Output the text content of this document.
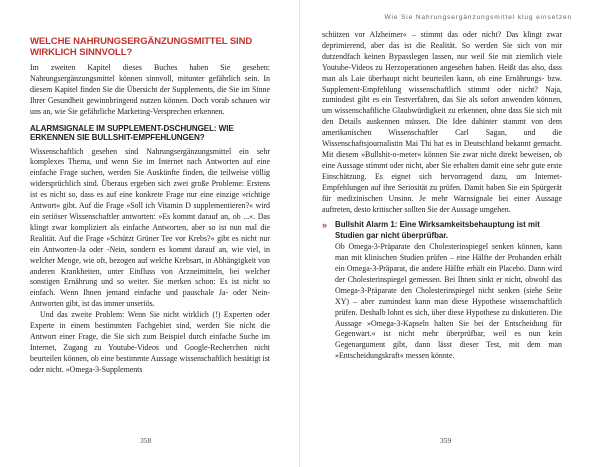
WELCHE NAHRUNGSERGÄNZUNGSMITTEL SIND WIRKLICH SINNVOLL?

Im zweiten Kapitel dieses Buches haben Sie gesehen: Nahrungsergänzungsmittel können sinnvoll, mitunter gefährlich sein. In diesem Kapitel finden Sie die Übersicht der Supplements, die Sie im Sinne Ihrer Gesundheit gewinnbringend nutzen können. Doch vorab schauen wir uns an, wie Sie gefährliche Marketing-Versprechen erkennen.

ALARMSIGNALE IM SUPPLEMENT-DSCHUNGEL: WIE ERKENNEN SIE BULLSHIT-EMPFEHLUNGEN?

Wissenschaftlich gesehen sind Nahrungsergänzungsmittel ein sehr komplexes Thema, und wenn Sie im Internet nach Antworten auf eine einfache Frage suchen, werden Sie Auskünfte finden, die teilweise völlig widersprüchlich sind. Überaus ergeben sich zwei große Probleme: Erstens ist es nicht so, dass es auf eine konkrete Frage nur eine einzige »richtige Antwort« gibt. Auf die Frage »Soll ich Vitamin D supplementieren?« wird ein seriöser Wissenschaftler antworten: »Es kommt darauf an, ob ...«. Das klingt zwar kompliziert als einfache Antworten, aber so ist nun mal die Realität. Auf die Frage »Schützt Grüner Tee vor Krebs?« gibt es nicht nur ein Antworten-Ja oder -Nein, sondern es kommt darauf an, wie viel, in welcher Menge, wie oft, bezogen auf welche Krebsart, in Abhängigkeit von anderen Krankheiten, unter Einfluss von Arzneimitteln, bei welcher sonstigen Ernährung und so weiter. Sie merken schon: Es ist nicht so einfach. Wenn Ihnen jemand einfache und pauschale Ja- oder Nein-Antworten gibt, ist das immer unseriös.

Und das zweite Problem: Wenn Sie nicht wirklich (!) Experten oder Experte in einem bestimmten Fachgebiet sind, werden Sie nicht die Antwort einer Frage, die Sie sich zum Beispiel durch einfache Suche im Internet, Zugang zu Youtube-Videos und Google-Recherchen nicht beurteilen können, ob eine bestimmte Aussage wissenschaftlich bestätigt ist oder nicht. »Omega-3-Supplements

358
Wie Sie Nahrungsergänzungsmittel klug einsetzen

schützen vor Alzheimer« – stimmt das oder nicht? Das klingt zwar deprimierend, aber das ist die Realität. So werden Sie sich von mir dutzendfach keinen Bypasslegen lassen, nur weil Sie mit ziemlich viele Youtube-Videos zu Herzoperationen angesehen haben. Heißt das also, dass man als Laie überhaupt nicht beurteilen kann, ob eine Ernährungs- bzw. Supplement-Empfehlung wissenschaftlich stimmt oder nicht? Naja, zumindest gibt es ein Testverfahren, das Sie als sofort anwenden können, um wissenschaftliche Glaubwürdigkeit zu erkennen, ohne dass Sie sich mit den Details auskennen müssen. Die Idee dahinter stammt von dem amerikanischen Wissenschaftler Carl Sagan, und die Wissenschaftsjournalistin Mai Thi hat es in Deutschland bekannt gemacht. Mit diesem »Bullshit-o-meter« können Sie zwar nicht direkt beweisen, ob eine Aussage stimmt oder nicht, aber Sie erhalten damit eine sehr gute erste Einschätzung. Es eignet sich hervorragend dazu, um Internet-Empfehlungen auf ihre Seriosität zu prüfen. Damit haben Sie ein Spürgerät für medizinischen Unsinn. Je mehr Warnsignale bei einer Aussage auftreten, desto kritischer sollten Sie der Aussage umgehen.

»	Bullshit Alarm 1: Eine Wirksamkeitsbehauptung ist mit Studien gar nicht überprüfbar.

Ob Omega-3-Präparate den Cholesterinspiegel senken können, kann man mit klinischen Studien prüfen – eine Hälfte der Probanden erhält ein Omega-3-Präparat, die andere Hälfte erhält ein Placebo. Dann wird der Cholesterinspiegel gemessen. Bei Ihnen sinkt er nicht, obwohl das Omega-3-Präparate den Cholesterinspiegel nicht senken (siehe Seite XY) – aber zumindest kann man diese Hypothese wissenschaftlich prüfen. Deshalb lohnt es sich, über diese Hypothese zu diskutieren. Die Aussage »Omega-3-Kapseln halten Sie bei der Entscheidung für Gegenwart.« ist nicht mehr überprüfbar, weil es nun kein Gegenargument gibt, dann lässt dieser Test, mit dem man »Entscheidungskraft« messen könnte.

359
